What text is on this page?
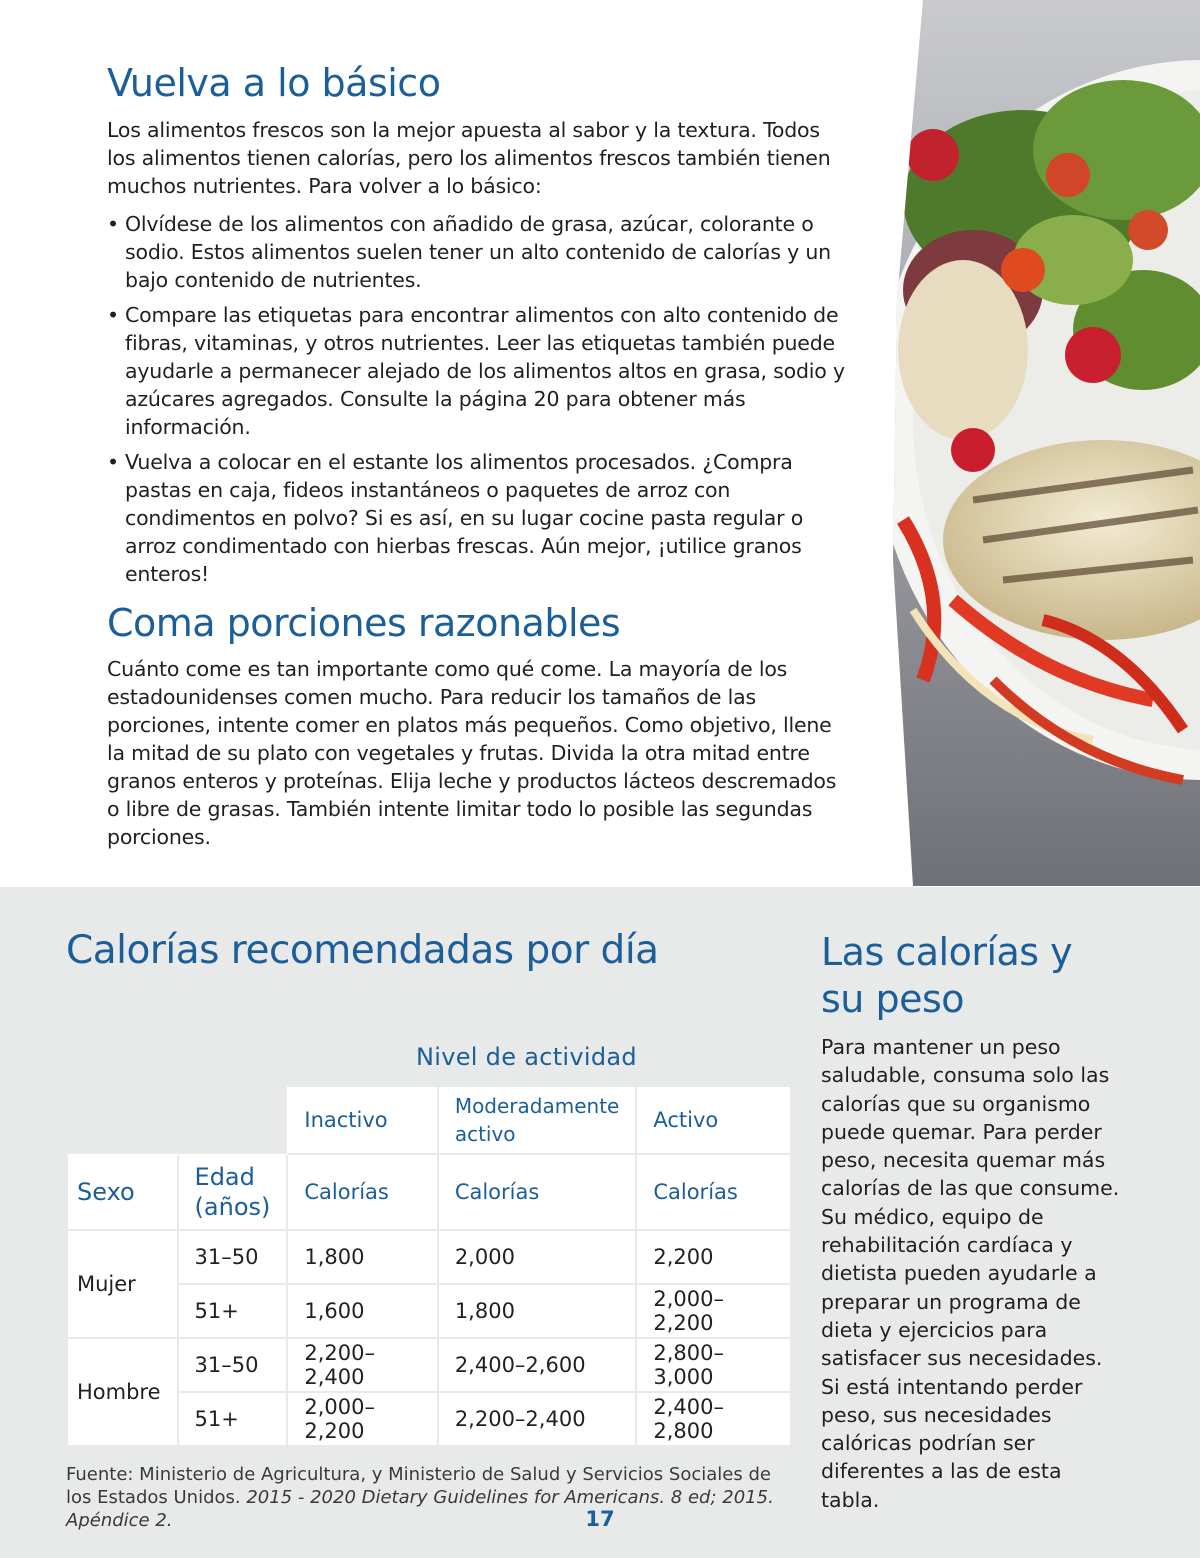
Vuelva a lo básico

Los alimentos frescos son la mejor apuesta al sabor y la textura. Todos los alimentos tienen calorías, pero los alimentos frescos también tienen muchos nutrientes. Para volver a lo básico:

• Olvídese de los alimentos con añadido de grasa, azúcar, colorante o sodio. Estos alimentos suelen tener un alto contenido de calorías y un bajo contenido de nutrientes.
• Compare las etiquetas para encontrar alimentos con alto contenido de fibras, vitaminas, y otros nutrientes. Leer las etiquetas también puede ayudarle a permanecer alejado de los alimentos altos en grasa, sodio y azúcares agregados. Consulte la página 20 para obtener más información.
• Vuelva a colocar en el estante los alimentos procesados. ¿Compra pastas en caja, fideos instantáneos o paquetes de arroz con condimentos en polvo? Si es así, en su lugar cocine pasta regular o arroz condimentado con hierbas frescas. Aún mejor, ¡utilice granos enteros!
Coma porciones razonables

Cuánto come es tan importante como qué come. La mayoría de los estadounidenses comen mucho. Para reducir los tamaños de las porciones, intente comer en platos más pequeños. Como objetivo, llene la mitad de su plato con vegetales y frutas. Divida la otra mitad entre granos enteros y proteínas. Elija leche y productos lácteos descremados o libre de grasas. También intente limitar todo lo posible las segundas porciones.

Calorías recomendadas por día
Nivel de actividad
		Inactivo	Moderadamente activo	Activo
Sexo	Edad (años)	Calorías	Calorías	Calorías
Mujer	31–50	1,800	2,000	2,200
	51+	1,600	1,800	2,000–2,200
Hombre	31–50	2,200–2,400	2,400–2,600	2,800–3,000
	51+	2,000–2,200	2,200–2,400	2,400–2,800

Fuente: Ministerio de Agricultura, y Ministerio de Salud y Servicios Sociales de los Estados Unidos. 2015 - 2020 Dietary Guidelines for Americans. 8 ed; 2015. Apéndice 2.

Las calorías y su peso

Para mantener un peso saludable, consuma solo las calorías que su organismo puede quemar. Para perder peso, necesita quemar más calorías de las que consume. Su médico, equipo de rehabilitación cardíaca y dietista pueden ayudarle a preparar un programa de dieta y ejercicios para satisfacer sus necesidades. Si está intentando perder peso, sus necesidades calóricas podrían ser diferentes a las de esta tabla.

17
